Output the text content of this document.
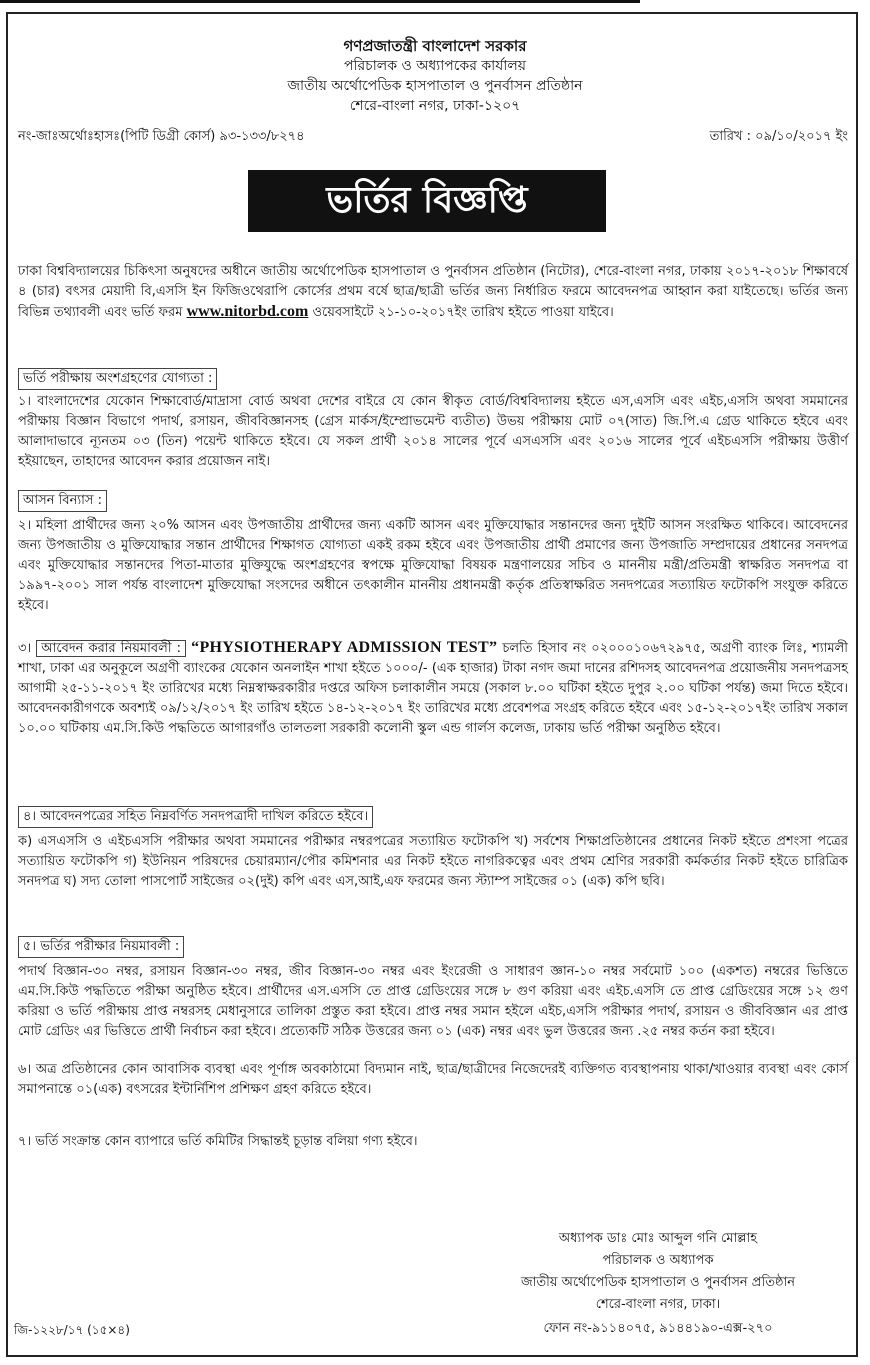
গণপ্রজাতন্ত্রী বাংলাদেশ সরকার
পরিচালক ও অধ্যাপকের কার্যালয়
জাতীয় অর্থোপেডিক হাসপাতাল ও পুনর্বাসন প্রতিষ্ঠান
শেরে-বাংলা নগর, ঢাকা-১২০৭
নং-জাঃঅর্থোঃহাসঃ(পিটি ডিগ্রী কোর্স) ৯৩-১৩৩/৮২৭৪	তারিখ : ০৯/১০/২০১৭ ইং
ভর্তির বিজ্ঞপ্তি
ঢাকা বিশ্ববিদ্যালয়ের চিকিৎসা অনুষদের অধীনে জাতীয় অর্থোপেডিক হাসপাতাল ও পুনর্বাসন প্রতিষ্ঠান (নিটোর), শেরে-বাংলা নগর, ঢাকায় ২০১৭-২০১৮ শিক্ষাবর্ষে ৪ (চার) বৎসর মেয়াদী বি,এসসি ইন ফিজিওথেরাপি কোর্সের প্রথম বর্ষে ছাত্র/ছাত্রী ভর্তির জন্য নির্ধারিত ফরমে আবেদনপত্র আহ্বান করা যাইতেছে। ভর্তির জন্য বিভিন্ন তথ্যাবলী এবং ভর্তি ফরম www.nitorbd.com ওয়েবসাইটে ২১-১০-২০১৭ইং তারিখ হইতে পাওয়া যাইবে।
ভর্তি পরীক্ষায় অংশগ্রহণের যোগ্যতা :
১। বাংলাদেশের যেকোন শিক্ষাবোর্ড/মাদ্রাসা বোর্ড অথবা দেশের বাইরে যে কোন স্বীকৃত বোর্ড/বিশ্ববিদ্যালয় হইতে এস,এসসি এবং এইচ,এসসি অথবা সমমানের পরীক্ষায় বিজ্ঞান বিভাগে পদার্থ, রসায়ন, জীববিজ্ঞানসহ (গ্রেস মার্কস/ইম্প্রোভমেন্ট ব্যতীত) উভয় পরীক্ষায় মোট ০৭(সাত) জি.পি.এ গ্রেড থাকিতে হইবে এবং আলাদাভাবে ন্যূনতম ০৩ (তিন) পয়েন্ট থাকিতে হইবে। যে সকল প্রার্থী ২০১৪ সালের পূর্বে এসএসসি এবং ২০১৬ সালের পূর্বে এইচএসসি পরীক্ষায় উত্তীর্ণ হইয়াছেন, তাহাদের আবেদন করার প্রয়োজন নাই।
আসন বিন্যাস :
২। মহিলা প্রার্থীদের জন্য ২০% আসন এবং উপজাতীয় প্রার্থীদের জন্য একটি আসন এবং মুক্তিযোদ্ধার সন্তানদের জন্য দুইটি আসন সংরক্ষিত থাকিবে। আবেদনের জন্য উপজাতীয় ও মুক্তিযোদ্ধার সন্তান প্রার্থীদের শিক্ষাগত যোগ্যতা একই রকম হইবে এবং উপজাতীয় প্রার্থী প্রমাণের জন্য উপজাতি সম্প্রদায়ের প্রধানের সনদপত্র এবং মুক্তিযোদ্ধার সন্তানদের পিতা-মাতার মুক্তিযুদ্ধে অংশগ্রহণের স্বপক্ষে মুক্তিযোদ্ধা বিষয়ক মন্ত্রণালয়ের সচিব ও মাননীয় মন্ত্রী/প্রতিমন্ত্রী স্বাক্ষরিত সনদপত্র বা ১৯৯৭-২০০১ সাল পর্যন্ত বাংলাদেশ মুক্তিযোদ্ধা সংসদের অধীনে তৎকালীন মাননীয় প্রধানমন্ত্রী কর্তৃক প্রতিস্বাক্ষরিত সনদপত্রের সত্যায়িত ফটোকপি সংযুক্ত করিতে হইবে।
৩। আবেদন করার নিয়মাবলী : “PHYSIOTHERAPY ADMISSION TEST” চলতি হিসাব নং ০২০০০১০৬৭২৯৭৫, অগ্রণী ব্যাংক লিঃ, শ্যামলী শাখা, ঢাকা এর অনুকূলে অগ্রণী ব্যাংকের যেকোন অনলাইন শাখা হইতে ১০০০/- (এক হাজার) টাকা নগদ জমা দানের রশিদসহ আবেদনপত্র প্রয়োজনীয় সনদপত্রসহ আগামী ২৫-১১-২০১৭ ইং তারিখের মধ্যে নিম্নস্বাক্ষরকারীর দপ্তরে অফিস চলাকালীন সময়ে (সকাল ৮.০০ ঘটিকা হইতে দুপুর ২.০০ ঘটিকা পর্যন্ত) জমা দিতে হইবে। আবেদনকারীগণকে অবশ্যই ০৯/১২/২০১৭ ইং তারিখ হইতে ১৪-১২-২০১৭ ইং তারিখের মধ্যে প্রবেশপত্র সংগ্রহ করিতে হইবে এবং ১৫-১২-২০১৭ইং তারিখ সকাল ১০.০০ ঘটিকায় এম.সি.কিউ পদ্ধতিতে আগারগাঁও তালতলা সরকারী কলোনী স্কুল এন্ড গার্লস কলেজ, ঢাকায় ভর্তি পরীক্ষা অনুষ্ঠিত হইবে।
৪। আবেদনপত্রের সহিত নিম্নবর্ণিত সনদপত্রাদী দাখিল করিতে হইবে।
ক) এসএসসি ও এইচএসসি পরীক্ষার অথবা সমমানের পরীক্ষার নম্বরপত্রের সত্যায়িত ফটোকপি খ) সর্বশেষ শিক্ষাপ্রতিষ্ঠানের প্রধানের নিকট হইতে প্রশংসা পত্রের সত্যায়িত ফটোকপি গ) ইউনিয়ন পরিষদের চেয়ারম্যান/পৌর কমিশনার এর নিকট হইতে নাগরিকত্বের এবং প্রথম শ্রেণির সরকারী কর্মকর্তার নিকট হইতে চারিত্রিক সনদপত্র ঘ) সদ্য তোলা পাসপোর্ট সাইজের ০২(দুই) কপি এবং এস,আই,এফ ফরমের জন্য স্ট্যাম্প সাইজের ০১ (এক) কপি ছবি।
৫। ভর্তির পরীক্ষার নিয়মাবলী :
পদার্থ বিজ্ঞান-৩০ নম্বর, রসায়ন বিজ্ঞান-৩০ নম্বর, জীব বিজ্ঞান-৩০ নম্বর এবং ইংরেজী ও সাধারণ জ্ঞান-১০ নম্বর সর্বমোট ১০০ (একশত) নম্বরের ভিত্তিতে এম.সি.কিউ পদ্ধতিতে পরীক্ষা অনুষ্ঠিত হইবে। প্রার্থীদের এস.এসসি তে প্রাপ্ত গ্রেডিংয়ের সঙ্গে ৮ গুণ করিয়া এবং এইচ.এসসি তে প্রাপ্ত গ্রেডিংয়ের সঙ্গে ১২ গুণ করিয়া ও ভর্তি পরীক্ষায় প্রাপ্ত নম্বরসহ মেধানুসারে তালিকা প্রস্তুত করা হইবে। প্রাপ্ত নম্বর সমান হইলে এইচ,এসসি পরীক্ষার পদার্থ, রসায়ন ও জীববিজ্ঞান এর প্রাপ্ত মোট গ্রেডিং এর ভিত্তিতে প্রার্থী নির্বাচন করা হইবে। প্রত্যেকটি সঠিক উত্তরের জন্য ০১ (এক) নম্বর এবং ভুল উত্তরের জন্য .২৫ নম্বর কর্তন করা হইবে।
৬। অত্র প্রতিষ্ঠানের কোন আবাসিক ব্যবস্থা এবং পূর্ণাঙ্গ অবকাঠামো বিদ্যমান নাই, ছাত্র/ছাত্রীদের নিজেদেরই ব্যক্তিগত ব্যবস্থাপনায় থাকা/খাওয়ার ব্যবস্থা এবং কোর্স সমাপনান্তে ০১(এক) বৎসরের ইন্টার্নিশিপ প্রশিক্ষণ গ্রহণ করিতে হইবে।
৭। ভর্তি সংক্রান্ত কোন ব্যাপারে ভর্তি কমিটির সিদ্ধান্তই চূড়ান্ত বলিয়া গণ্য হইবে।
অধ্যাপক ডাঃ মোঃ আব্দুল গনি মোল্লাহ
পরিচালক ও অধ্যাপক
জাতীয় অর্থোপেডিক হাসপাতাল ও পুনর্বাসন প্রতিষ্ঠান
শেরে-বাংলা নগর, ঢাকা।
ফোন নং-৯১১৪০৭৫, ৯১৪৪১৯০-এক্স-২৭০
জি-১২২৮/১৭ (১৫×৪)
